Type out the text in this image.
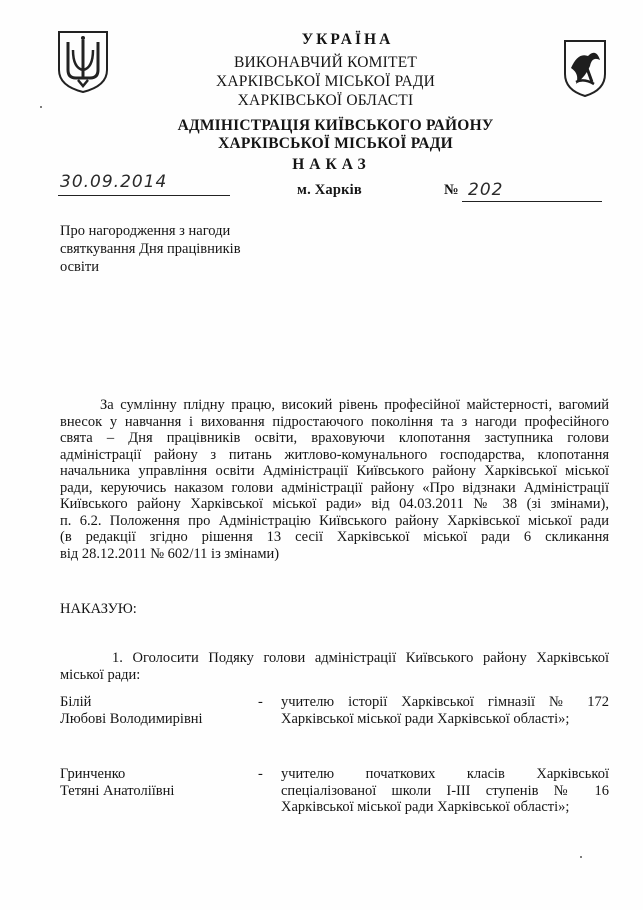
УКРАЇНА
ВИКОНАВЧИЙ КОМІТЕТ
ХАРКІВСЬКОЇ МІСЬКОЇ РАДИ
ХАРКІВСЬКОЇ ОБЛАСТІ
АДМІНІСТРАЦІЯ КИЇВСЬКОГО РАЙОНУ
ХАРКІВСЬКОЇ МІСЬКОЇ РАДИ
НАКАЗ
30.09.2014	м. Харків	№ 202
Про нагородження з нагоди
святкування Дня працівників
освіти
За сумлінну плідну працю, високий рівень професійної майстерності, вагомий
внесок у навчання і виховання підростаючого покоління та з нагоди професійного
свята – Дня працівників освіти, враховуючи клопотання заступника голови
адміністрації району з питань житлово-комунального господарства, клопотання
начальника управління освіти Адміністрації Київського району Харківської міської
ради, керуючись наказом голови адміністрації району «Про відзнаки Адміністрації
Київського району Харківської міської ради» від 04.03.2011 № 38 (зі змінами),
п. 6.2. Положення про Адміністрацію Київського району Харківської міської ради
(в редакції згідно рішення 13 сесії Харківської міської ради 6 скликання
від 28.12.2011 № 602/11 із змінами)
НАКАЗУЮ:
1. Оголосити Подяку голови адміністрації Київського району Харківської
міської ради:
Білій
Любові Володимирівні
- учителю історії Харківської гімназії № 172
Харківської міської ради Харківської області»;
Гринченко
Тетяні Анатоліївні
- учителю початкових класів Харківської
спеціалізованої школи І-ІІІ ступенів № 16
Харківської міської ради Харківської області»;
